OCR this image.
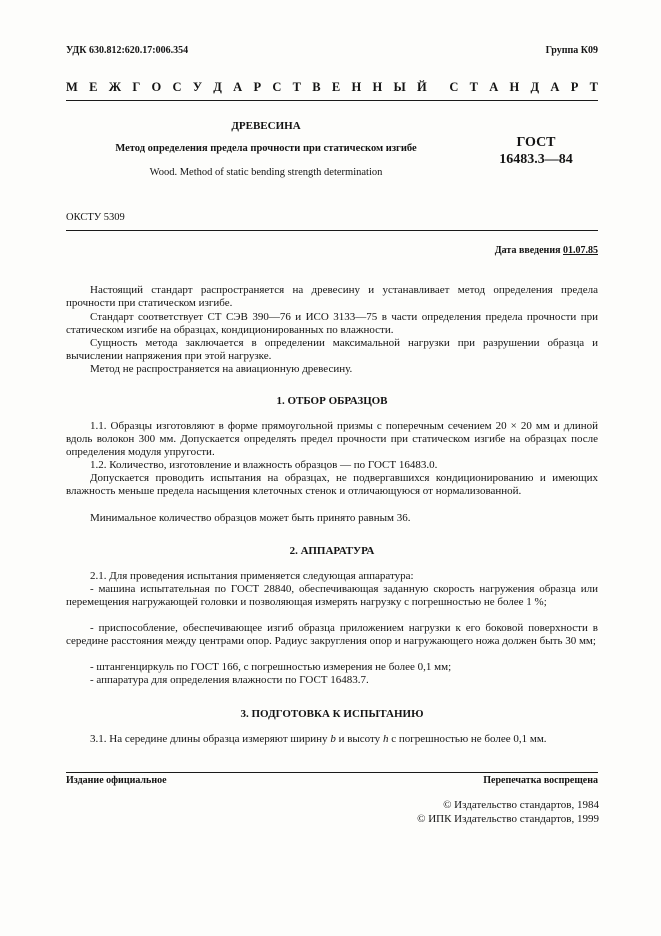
УДК 630.812:620.17:006.354	Группа К09
М Е Ж Г О С У Д А Р С Т В Е Н Н Ы Й С Т А Н Д А Р Т
ДРЕВЕСИНА
Метод определения предела прочности при статическом изгибе
Wood. Method of static bending strength determination
ГОСТ
16483.3—84
ОКСТУ 5309
Дата введения 01.07.85

Настоящий стандарт распространяется на древесину и устанавливает метод определения предела прочности при статическом изгибе.

Стандарт соответствует СТ СЭВ 390—76 и ИСО 3133—75 в части определения предела прочности при статическом изгибе на образцах, кондиционированных по влажности.

Сущность метода заключается в определении максимальной нагрузки при разрушении образца и вычислении напряжения при этой нагрузке.

Метод не распространяется на авиационную древесину.

1. ОТБОР ОБРАЗЦОВ

1.1. Образцы изготовляют в форме прямоугольной призмы с поперечным сечением 20 × 20 мм и длиной вдоль волокон 300 мм. Допускается определять предел прочности при статическом изгибе на образцах после определения модуля упругости.

1.2. Количество, изготовление и влажность образцов — по ГОСТ 16483.0.

Допускается проводить испытания на образцах, не подвергавшихся кондиционированию и имеющих влажность меньше предела насыщения клеточных стенок и отличающуюся от нормализованной.

Минимальное количество образцов может быть принято равным 36.

2. АППАРАТУРА

2.1. Для проведения испытания применяется следующая аппаратура:

- машина испытательная по ГОСТ 28840, обеспечивающая заданную скорость нагружения образца или перемещения нагружающей головки и позволяющая измерять нагрузку с погрешностью не более 1 %;

- приспособление, обеспечивающее изгиб образца приложением нагрузки к его боковой поверхности в середине расстояния между центрами опор. Радиус закругления опор и нагружающего ножа должен быть 30 мм;

- штангенциркуль по ГОСТ 166, с погрешностью измерения не более 0,1 мм;

- аппаратура для определения влажности по ГОСТ 16483.7.

3. ПОДГОТОВКА К ИСПЫТАНИЮ

3.1. На середине длины образца измеряют ширину b и высоту h с погрешностью не более 0,1 мм.

Издание официальное	Перепечатка воспрещена
© Издательство стандартов, 1984
© ИПК Издательство стандартов, 1999
